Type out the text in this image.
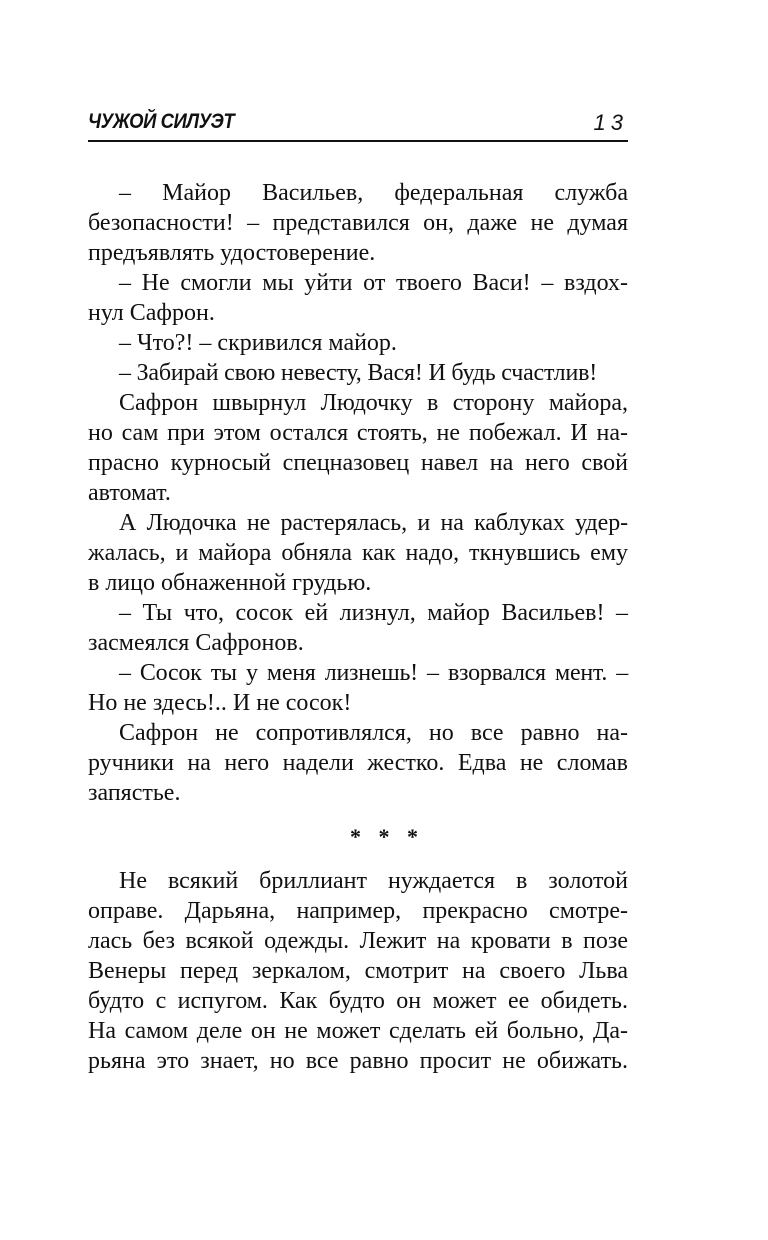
ЧУЖОЙ СИЛУЭТ	13
– Майор Васильев, федеральная служба
безопасности! – представился он, даже не думая
предъявлять удостоверение.
– Не смогли мы уйти от твоего Васи! – вздох-
нул Сафрон.
– Что?! – скривился майор.
– Забирай свою невесту, Вася! И будь счастлив!
Сафрон швырнул Людочку в сторону майора,
но сам при этом остался стоять, не побежал. И на-
прасно курносый спецназовец навел на него свой
автомат.
А Людочка не растерялась, и на каблуках удер-
жалась, и майора обняла как надо, ткнувшись ему
в лицо обнаженной грудью.
– Ты что, сосок ей лизнул, майор Васильев! –
засмеялся Сафронов.
– Сосок ты у меня лизнешь! – взорвался мент. –
Но не здесь!.. И не сосок!
Сафрон не сопротивлялся, но все равно на-
ручники на него надели жестко. Едва не сломав
запястье.
* * *
Не всякий бриллиант нуждается в золотой
оправе. Дарьяна, например, прекрасно смотре-
лась без всякой одежды. Лежит на кровати в позе
Венеры перед зеркалом, смотрит на своего Льва
будто с испугом. Как будто он может ее обидеть.
На самом деле он не может сделать ей больно, Да-
рьяна это знает, но все равно просит не обижать.
